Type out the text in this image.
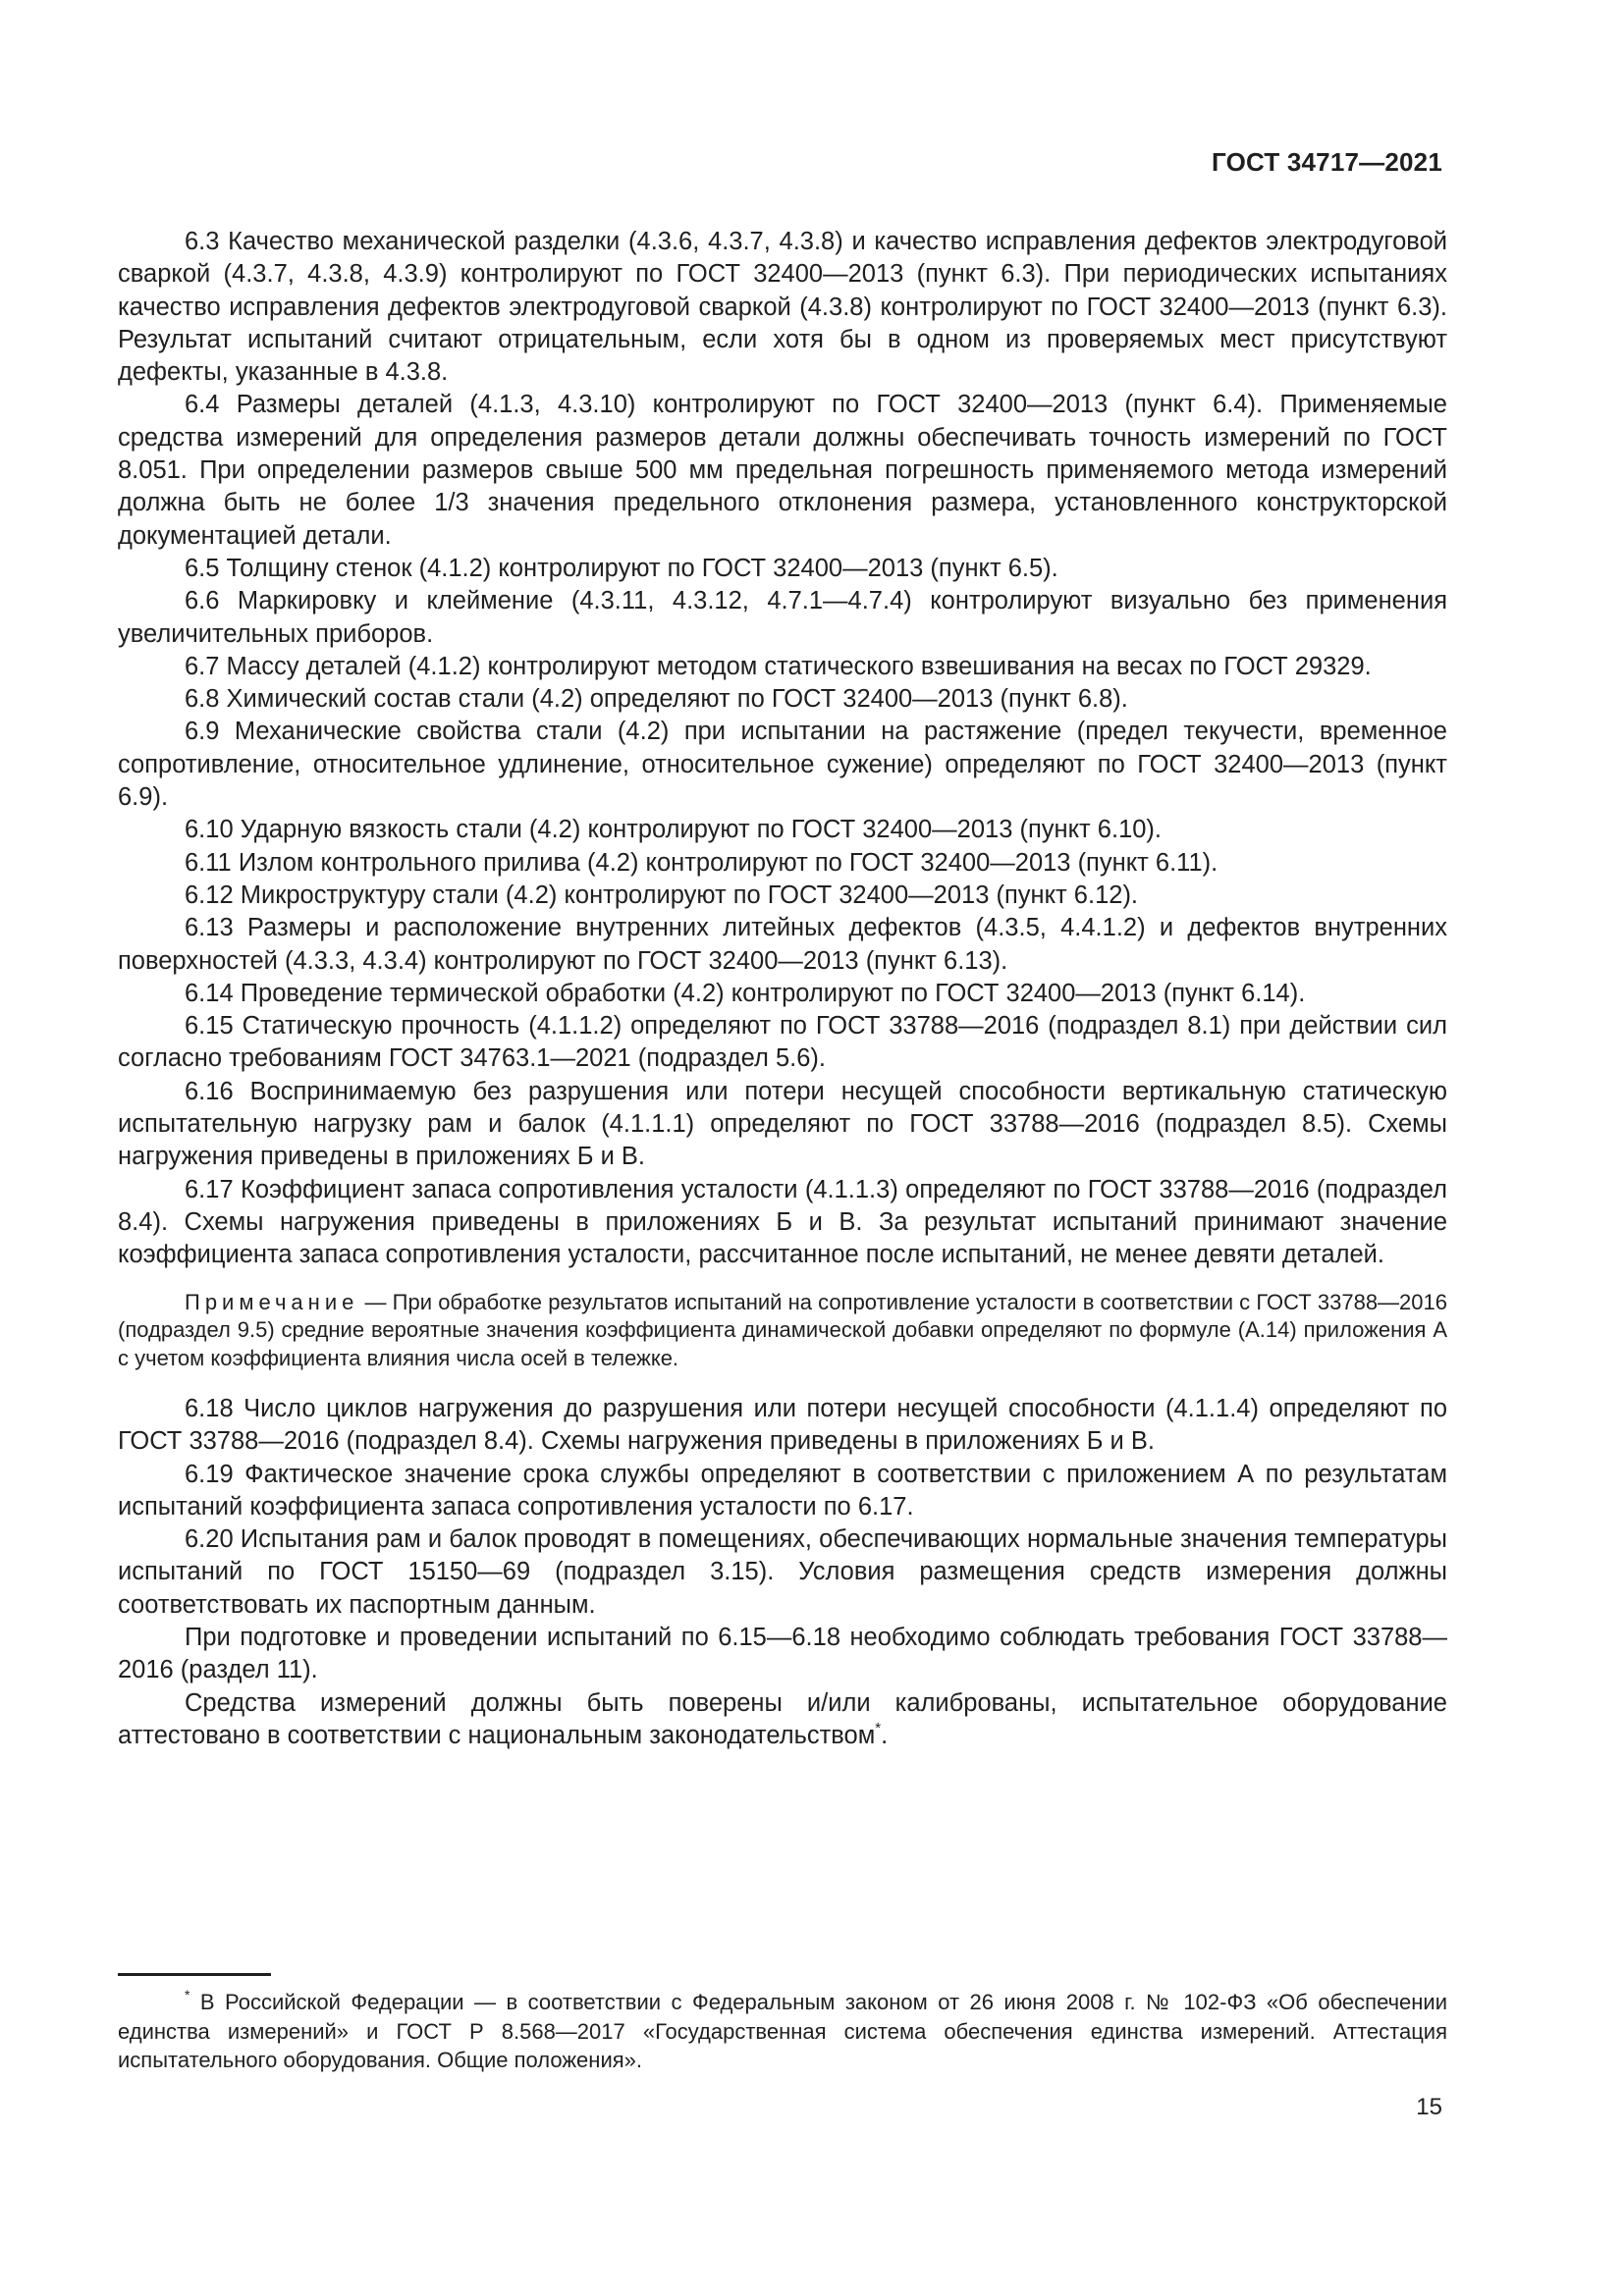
ГОСТ 34717—2021

6.3 Качество механической разделки (4.3.6, 4.3.7, 4.3.8) и качество исправления дефектов электродуговой сваркой (4.3.7, 4.3.8, 4.3.9) контролируют по ГОСТ 32400—2013 (пункт 6.3). При периодических испытаниях качество исправления дефектов электродуговой сваркой (4.3.8) контролируют по ГОСТ 32400—2013 (пункт 6.3). Результат испытаний считают отрицательным, если хотя бы в одном из проверяемых мест присутствуют дефекты, указанные в 4.3.8.

6.4 Размеры деталей (4.1.3, 4.3.10) контролируют по ГОСТ 32400—2013 (пункт 6.4). Применяемые средства измерений для определения размеров детали должны обеспечивать точность измерений по ГОСТ 8.051. При определении размеров свыше 500 мм предельная погрешность применяемого метода измерений должна быть не более 1/3 значения предельного отклонения размера, установленного конструкторской документацией детали.

6.5 Толщину стенок (4.1.2) контролируют по ГОСТ 32400—2013 (пункт 6.5).

6.6 Маркировку и клеймение (4.3.11, 4.3.12, 4.7.1—4.7.4) контролируют визуально без применения увеличительных приборов.

6.7 Массу деталей (4.1.2) контролируют методом статического взвешивания на весах по ГОСТ 29329.

6.8 Химический состав стали (4.2) определяют по ГОСТ 32400—2013 (пункт 6.8).

6.9 Механические свойства стали (4.2) при испытании на растяжение (предел текучести, временное сопротивление, относительное удлинение, относительное сужение) определяют по ГОСТ 32400—2013 (пункт 6.9).

6.10 Ударную вязкость стали (4.2) контролируют по ГОСТ 32400—2013 (пункт 6.10).

6.11 Излом контрольного прилива (4.2) контролируют по ГОСТ 32400—2013 (пункт 6.11).

6.12 Микроструктуру стали (4.2) контролируют по ГОСТ 32400—2013 (пункт 6.12).

6.13 Размеры и расположение внутренних литейных дефектов (4.3.5, 4.4.1.2) и дефектов внутренних поверхностей (4.3.3, 4.3.4) контролируют по ГОСТ 32400—2013 (пункт 6.13).

6.14 Проведение термической обработки (4.2) контролируют по ГОСТ 32400—2013 (пункт 6.14).

6.15 Статическую прочность (4.1.1.2) определяют по ГОСТ 33788—2016 (подраздел 8.1) при действии сил согласно требованиям ГОСТ 34763.1—2021 (подраздел 5.6).

6.16 Воспринимаемую без разрушения или потери несущей способности вертикальную статическую испытательную нагрузку рам и балок (4.1.1.1) определяют по ГОСТ 33788—2016 (подраздел 8.5). Схемы нагружения приведены в приложениях Б и В.

6.17 Коэффициент запаса сопротивления усталости (4.1.1.3) определяют по ГОСТ 33788—2016 (подраздел 8.4). Схемы нагружения приведены в приложениях Б и В. За результат испытаний принимают значение коэффициента запаса сопротивления усталости, рассчитанное после испытаний, не менее девяти деталей.

Примечание — При обработке результатов испытаний на сопротивление усталости в соответствии с ГОСТ 33788—2016 (подраздел 9.5) средние вероятные значения коэффициента динамической добавки определяют по формуле (А.14) приложения А с учетом коэффициента влияния числа осей в тележке.

6.18 Число циклов нагружения до разрушения или потери несущей способности (4.1.1.4) определяют по ГОСТ 33788—2016 (подраздел 8.4). Схемы нагружения приведены в приложениях Б и В.

6.19 Фактическое значение срока службы определяют в соответствии с приложением А по результатам испытаний коэффициента запаса сопротивления усталости по 6.17.

6.20 Испытания рам и балок проводят в помещениях, обеспечивающих нормальные значения температуры испытаний по ГОСТ 15150—69 (подраздел 3.15). Условия размещения средств измерения должны соответствовать их паспортным данным.

При подготовке и проведении испытаний по 6.15—6.18 необходимо соблюдать требования ГОСТ 33788—2016 (раздел 11).

Средства измерений должны быть поверены и/или калиброваны, испытательное оборудование аттестовано в соответствии с национальным законодательством*.

* В Российской Федерации — в соответствии с Федеральным законом от 26 июня 2008 г. № 102-ФЗ «Об обеспечении единства измерений» и ГОСТ Р 8.568—2017 «Государственная система обеспечения единства измерений. Аттестация испытательного оборудования. Общие положения».

15
